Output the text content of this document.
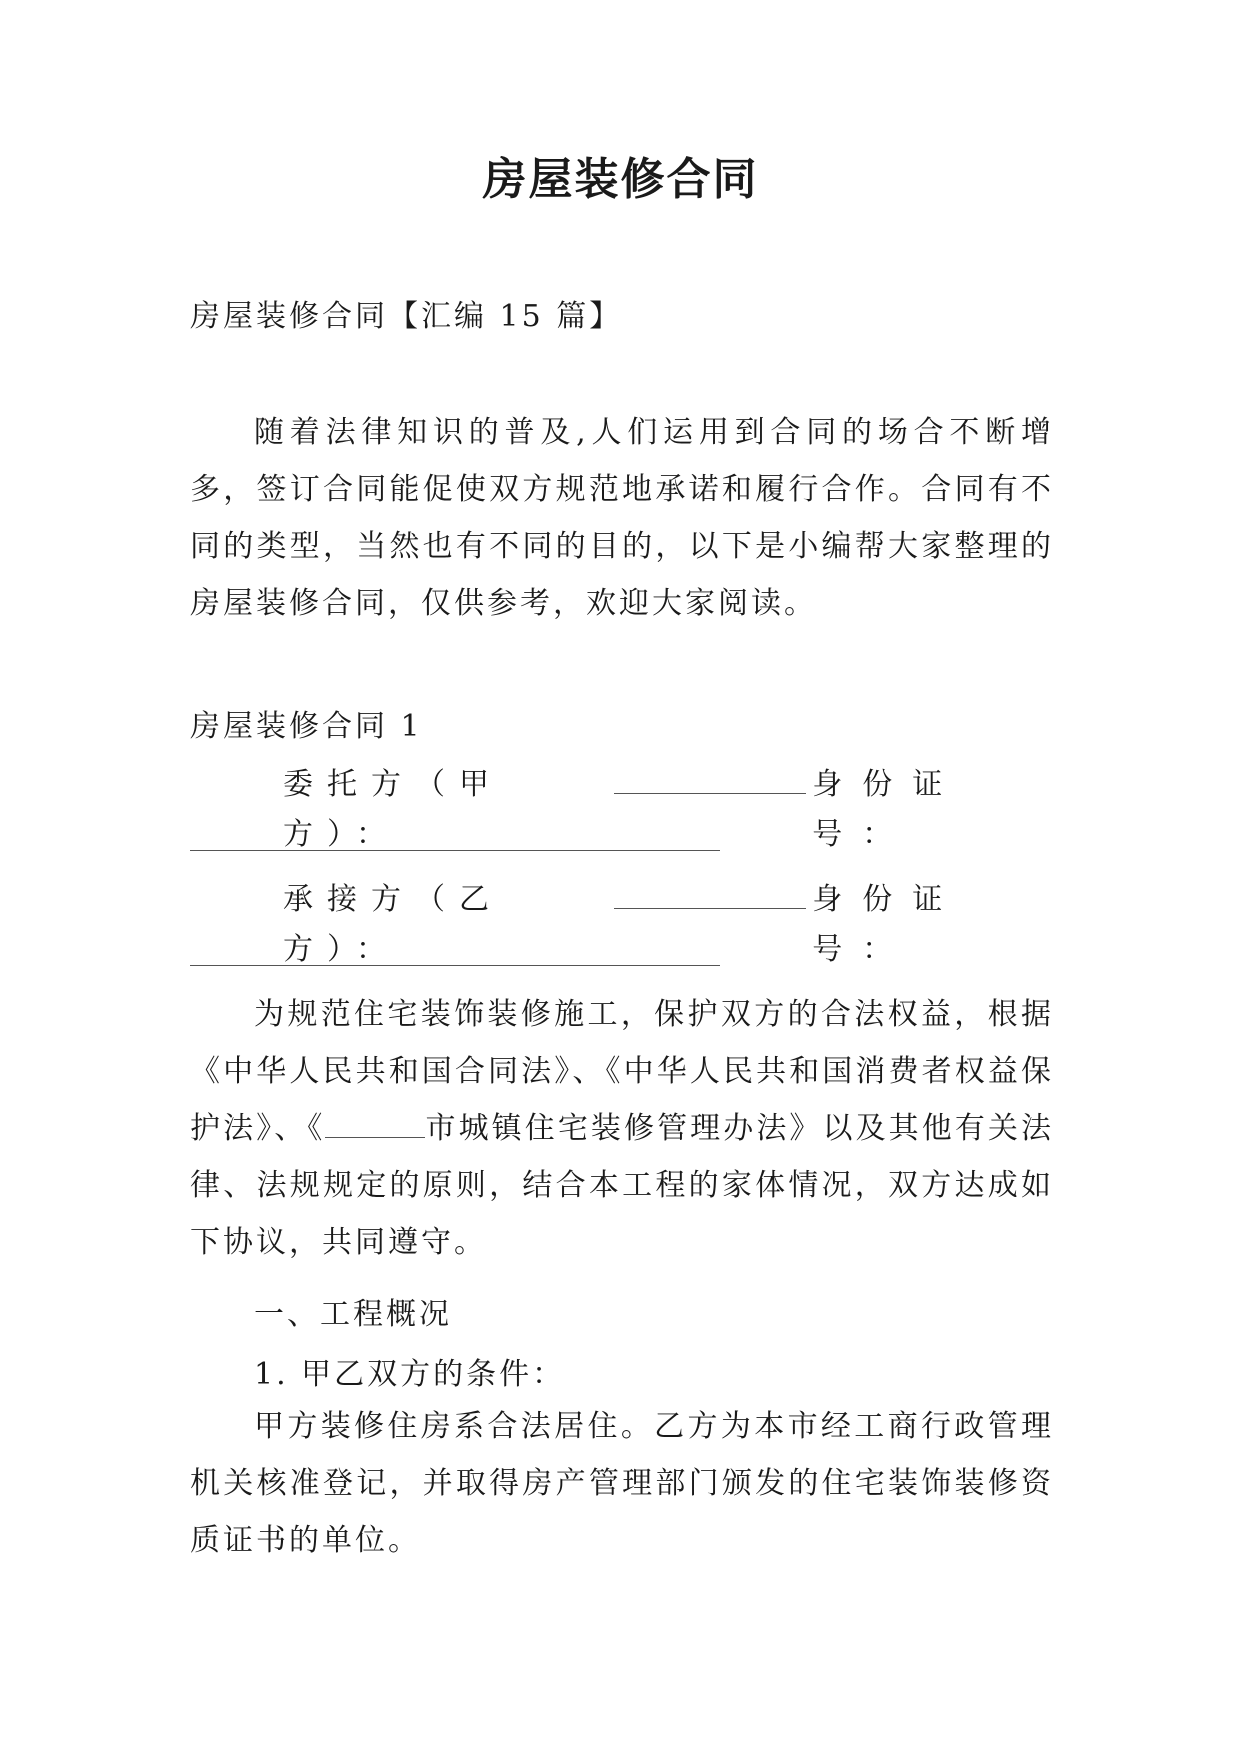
房屋装修合同
房屋装修合同【汇编 15 篇】
随着法律知识的普及,人们运用到合同的场合不断增多，签订合同能促使双方规范地承诺和履行合作。合同有不同的类型，当然也有不同的目的，以下是小编帮大家整理的房屋装修合同，仅供参考，欢迎大家阅读。
房屋装修合同 1
委托方（甲方）：
身份证号：
承接方（乙方）：
身份证号：
为规范住宅装饰装修施工，保护双方的合法权益，根据《中华人民共和国合同法》、《中华人民共和国消费者权益保护法》、《	市城镇住宅装修管理办法》以及其他有关法律、法规规定的原则，结合本工程的家体情况，双方达成如下协议，共同遵守。
一、工程概况
1. 甲乙双方的条件：
甲方装修住房系合法居住。乙方为本市经工商行政管理机关核准登记，并取得房产管理部门颁发的住宅装饰装修资质证书的单位。
